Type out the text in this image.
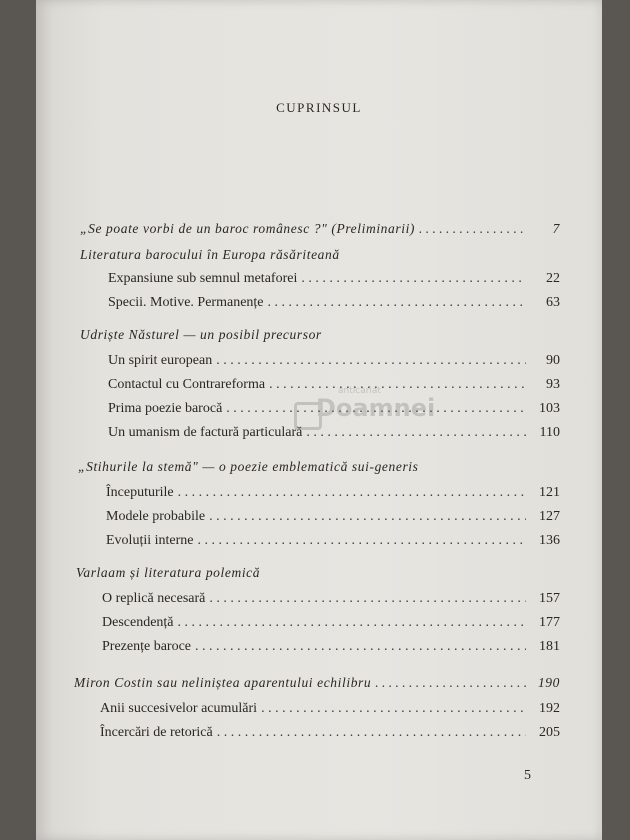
CUPRINSUL
„Se poate vorbi de un baroc românesc ?" (Preliminarii) . . .	7
Literatura barocului în Europa răsăriteană
Expansiune sub semnul metaforei . . .	22
Specii. Motive. Permanențe . . .	63
Udriște Năsturel — un posibil precursor
Un spirit european . . .	90
Contactul cu Contrareforma . . .	93
Prima poezie barocă . . .	103
Un umanism de factură particulară . . .	110
„Stihurile la stemă" — o poezie emblematică sui-generis
Începuturile . . .	121
Modele probabile . . .	127
Evoluții interne . . .	136
Varlaam și literatura polemică
O replică necesară . . .	157
Descendență . . .	177
Prezențe baroce . . .	181
Miron Costin sau neliniștea aparentului echilibru . . .	190
Anii succesivelor acumulări . . .	192
Încercări de retorică . . .	205
anticariat
Doamnei
5
